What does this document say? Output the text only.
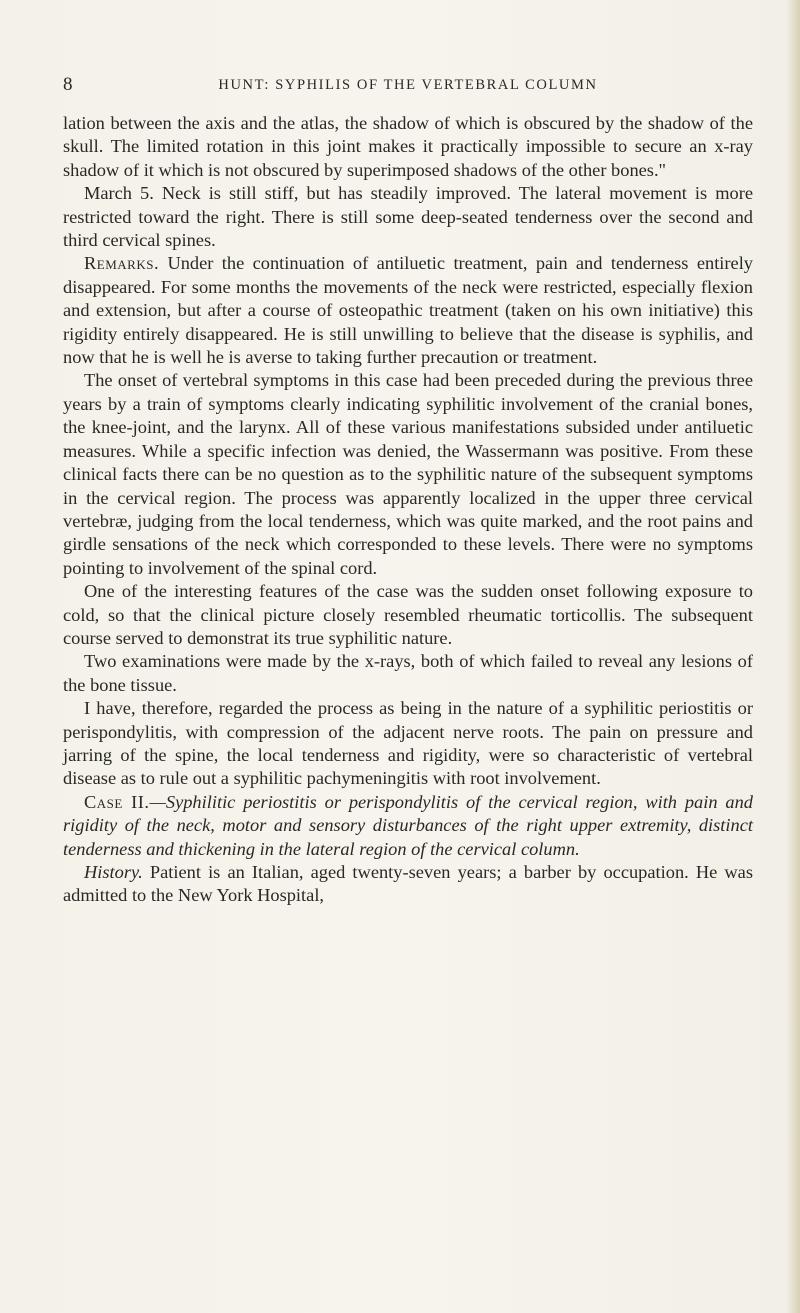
8	HUNT: SYPHILIS OF THE VERTEBRAL COLUMN

lation between the axis and the atlas, the shadow of which is obscured by the shadow of the skull. The limited rotation in this joint makes it practically impossible to secure an x-ray shadow of it which is not obscured by superimposed shadows of the other bones."

March 5. Neck is still stiff, but has steadily improved. The lateral movement is more restricted toward the right. There is still some deep-seated tenderness over the second and third cervical spines.

Remarks. Under the continuation of antiluetic treatment, pain and tenderness entirely disappeared. For some months the movements of the neck were restricted, especially flexion and extension, but after a course of osteopathic treatment (taken on his own initiative) this rigidity entirely disappeared. He is still unwilling to believe that the disease is syphilis, and now that he is well he is averse to taking further precaution or treatment.

The onset of vertebral symptoms in this case had been preceded during the previous three years by a train of symptoms clearly indicating syphilitic involvement of the cranial bones, the knee-joint, and the larynx. All of these various manifestations subsided under antiluetic measures. While a specific infection was denied, the Wassermann was positive. From these clinical facts there can be no question as to the syphilitic nature of the subsequent symptoms in the cervical region. The process was apparently localized in the upper three cervical vertebræ, judging from the local tenderness, which was quite marked, and the root pains and girdle sensations of the neck which corresponded to these levels. There were no symptoms pointing to involvement of the spinal cord.

One of the interesting features of the case was the sudden onset following exposure to cold, so that the clinical picture closely resembled rheumatic torticollis. The subsequent course served to demonstrat its true syphilitic nature.

Two examinations were made by the x-rays, both of which failed to reveal any lesions of the bone tissue.

I have, therefore, regarded the process as being in the nature of a syphilitic periostitis or perispondylitis, with compression of the adjacent nerve roots. The pain on pressure and jarring of the spine, the local tenderness and rigidity, were so characteristic of vertebral disease as to rule out a syphilitic pachymeningitis with root involvement.

Case II.—Syphilitic periostitis or perispondylitis of the cervical region, with pain and rigidity of the neck, motor and sensory disturbances of the right upper extremity, distinct tenderness and thickening in the lateral region of the cervical column.

History. Patient is an Italian, aged twenty-seven years; a barber by occupation. He was admitted to the New York Hospital,
